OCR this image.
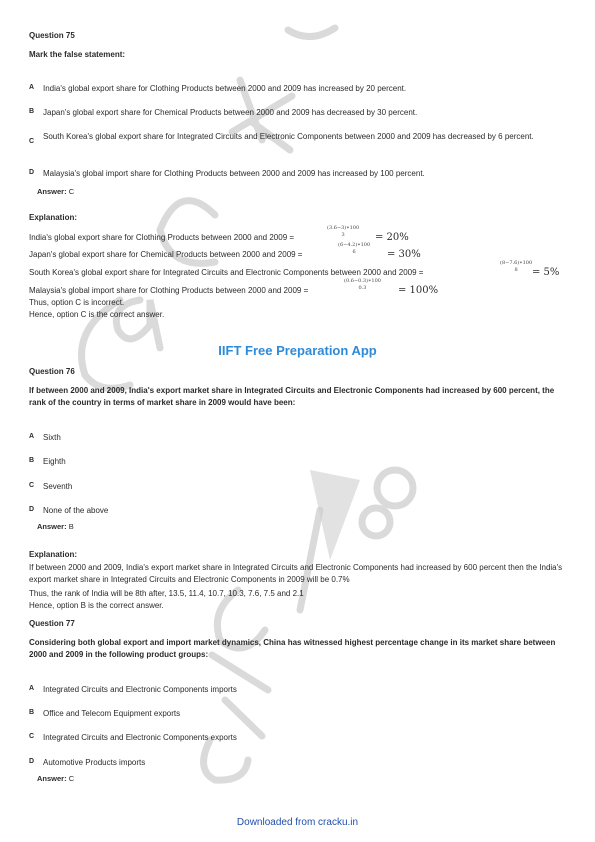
Question 75
Mark the false statement:
A India's global export share for Clothing Products between 2000 and 2009 has increased by 20 percent.
B Japan's global export share for Chemical Products between 2000 and 2009 has decreased by 30 percent.
C
South Korea's global export share for Integrated Circuits and Electronic Components between 2000 and 2009 has decreased by 6 percent.
D Malaysia's global import share for Clothing Products between 2000 and 2009 has increased by 100 percent.
Answer: C
Explanation:
India's global export share for Clothing Products between 2000 and 2009 =
(3.6−3)∗100
3	= 20%
Japan's global export share for Chemical Products between 2000 and 2009 =
(6−4.2)∗100
6	= 30%
South Korea's global export share for Integrated Circuits and Electronic Components between 2000 and 2009 =
(8−7.6)∗100
8	= 5%
Malaysia's global import share for Clothing Products between 2000 and 2009 =
(0.6−0.3)∗100
0.3	= 100%
Thus, option C is incorrect.
Hence, option C is the correct answer.
IIFT Free Preparation App
Question 76
If between 2000 and 2009, India's export market share in Integrated Circuits and Electronic Components had increased by 600 percent, the rank of the country in terms of market share in 2009 would have been:
A Sixth
B Eighth
C Seventh
D None of the above
Answer: B
Explanation:
If between 2000 and 2009, India's export market share in Integrated Circuits and Electronic Components had increased by 600 percent then the India's export market share in Integrated Circuits and Electronic Components in 2009 will be 0.7%
Thus, the rank of India will be 8th after, 13.5, 11.4, 10.7, 10.3, 7.6, 7.5 and 2.1
Hence, option B is the correct answer.
Question 77
Considering both global export and import market dynamics, China has witnessed highest percentage change in its market share between 2000 and 2009 in the following product groups:
A Integrated Circuits and Electronic Components imports
B Office and Telecom Equipment exports
C Integrated Circuits and Electronic Components exports
D Automotive Products imports
Answer: C
Downloaded from cracku.in
